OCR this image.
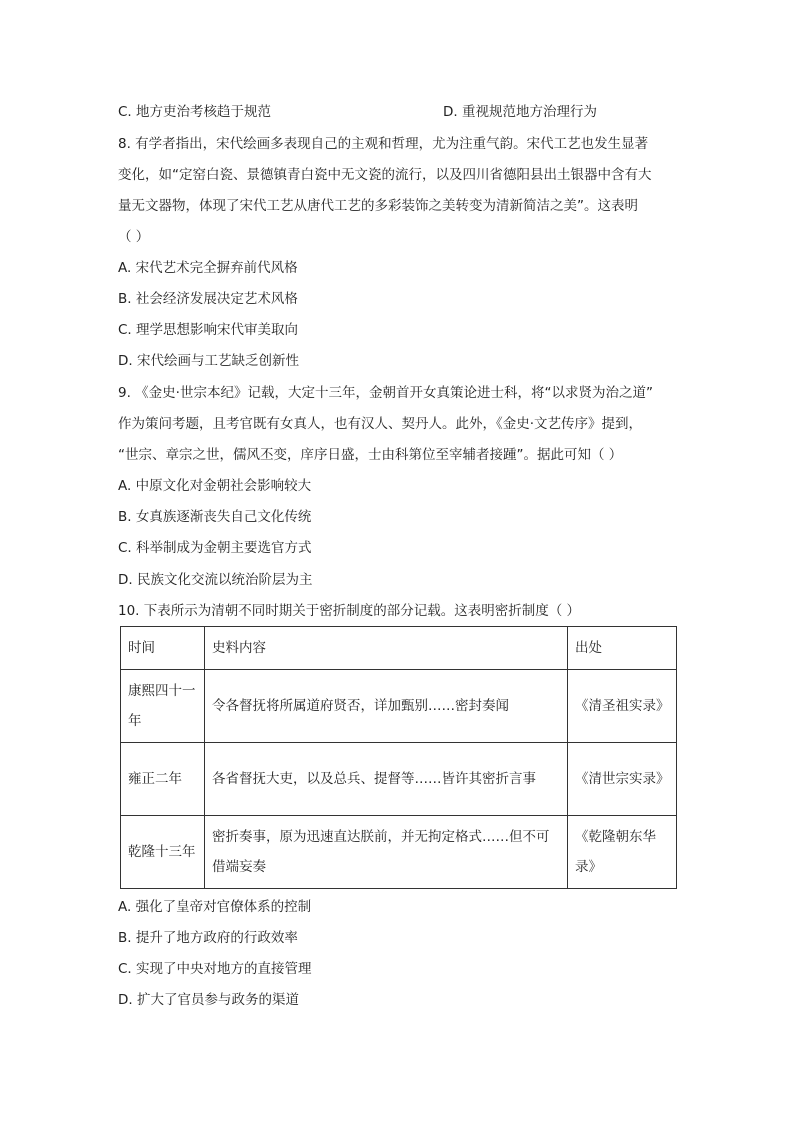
C. 地方吏治考核趋于规范	D. 重视规范地方治理行为
8. 有学者指出，宋代绘画多表现自己的主观和哲理，尤为注重气韵。宋代工艺也发生显著
变化，如“定窑白瓷、景德镇青白瓷中无文瓷的流行，以及四川省德阳县出土银器中含有大
量无文器物，体现了宋代工艺从唐代工艺的多彩装饰之美转变为清新简洁之美”。这表明
（ ）
A. 宋代艺术完全摒弃前代风格
B. 社会经济发展决定艺术风格
C. 理学思想影响宋代审美取向
D. 宋代绘画与工艺缺乏创新性
9. 《金史·世宗本纪》记载，大定十三年，金朝首开女真策论进士科，将“以求贤为治之道”
作为策问考题，且考官既有女真人，也有汉人、契丹人。此外，《金史·文艺传序》提到，
“世宗、章宗之世，儒风丕变，庠序日盛，士由科第位至宰辅者接踵”。据此可知（ ）
A. 中原文化对金朝社会影响较大
B. 女真族逐渐丧失自己文化传统
C. 科举制成为金朝主要选官方式
D. 民族文化交流以统治阶层为主
10. 下表所示为清朝不同时期关于密折制度的部分记载。这表明密折制度（ ）
时间	史料内容	出处
康熙四十一年	令各督抚将所属道府贤否，详加甄别……密封奏闻	《清圣祖实录》
雍正二年	各省督抚大吏，以及总兵、提督等……皆许其密折言事	《清世宗实录》
乾隆十三年	密折奏事，原为迅速直达朕前，并无拘定格式……但不可借端妄奏	《乾隆朝东华录》
A. 强化了皇帝对官僚体系的控制
B. 提升了地方政府的行政效率
C. 实现了中央对地方的直接管理
D. 扩大了官员参与政务的渠道
